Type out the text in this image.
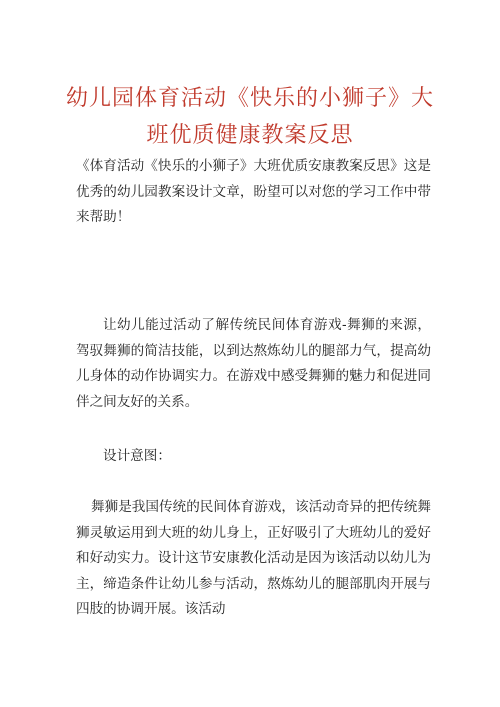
幼儿园体育活动《快乐的小狮子》大
班优质健康教案反思

《体育活动《快乐的小狮子》大班优质安康教案反思》这是优秀的幼儿园教案设计文章，盼望可以对您的学习工作中带来帮助！

让幼儿能过活动了解传统民间体育游戏-舞狮的来源，驾驭舞狮的简洁技能，以到达熬炼幼儿的腿部力气，提高幼儿身体的动作协调实力。在游戏中感受舞狮的魅力和促进同伴之间友好的关系。

设计意图：

舞狮是我国传统的民间体育游戏，该活动奇异的把传统舞狮灵敏运用到大班的幼儿身上，正好吸引了大班幼儿的爱好和好动实力。设计这节安康教化活动是因为该活动以幼儿为主，缔造条件让幼儿参与活动，熬炼幼儿的腿部肌肉开展与四肢的协调开展。该活动
